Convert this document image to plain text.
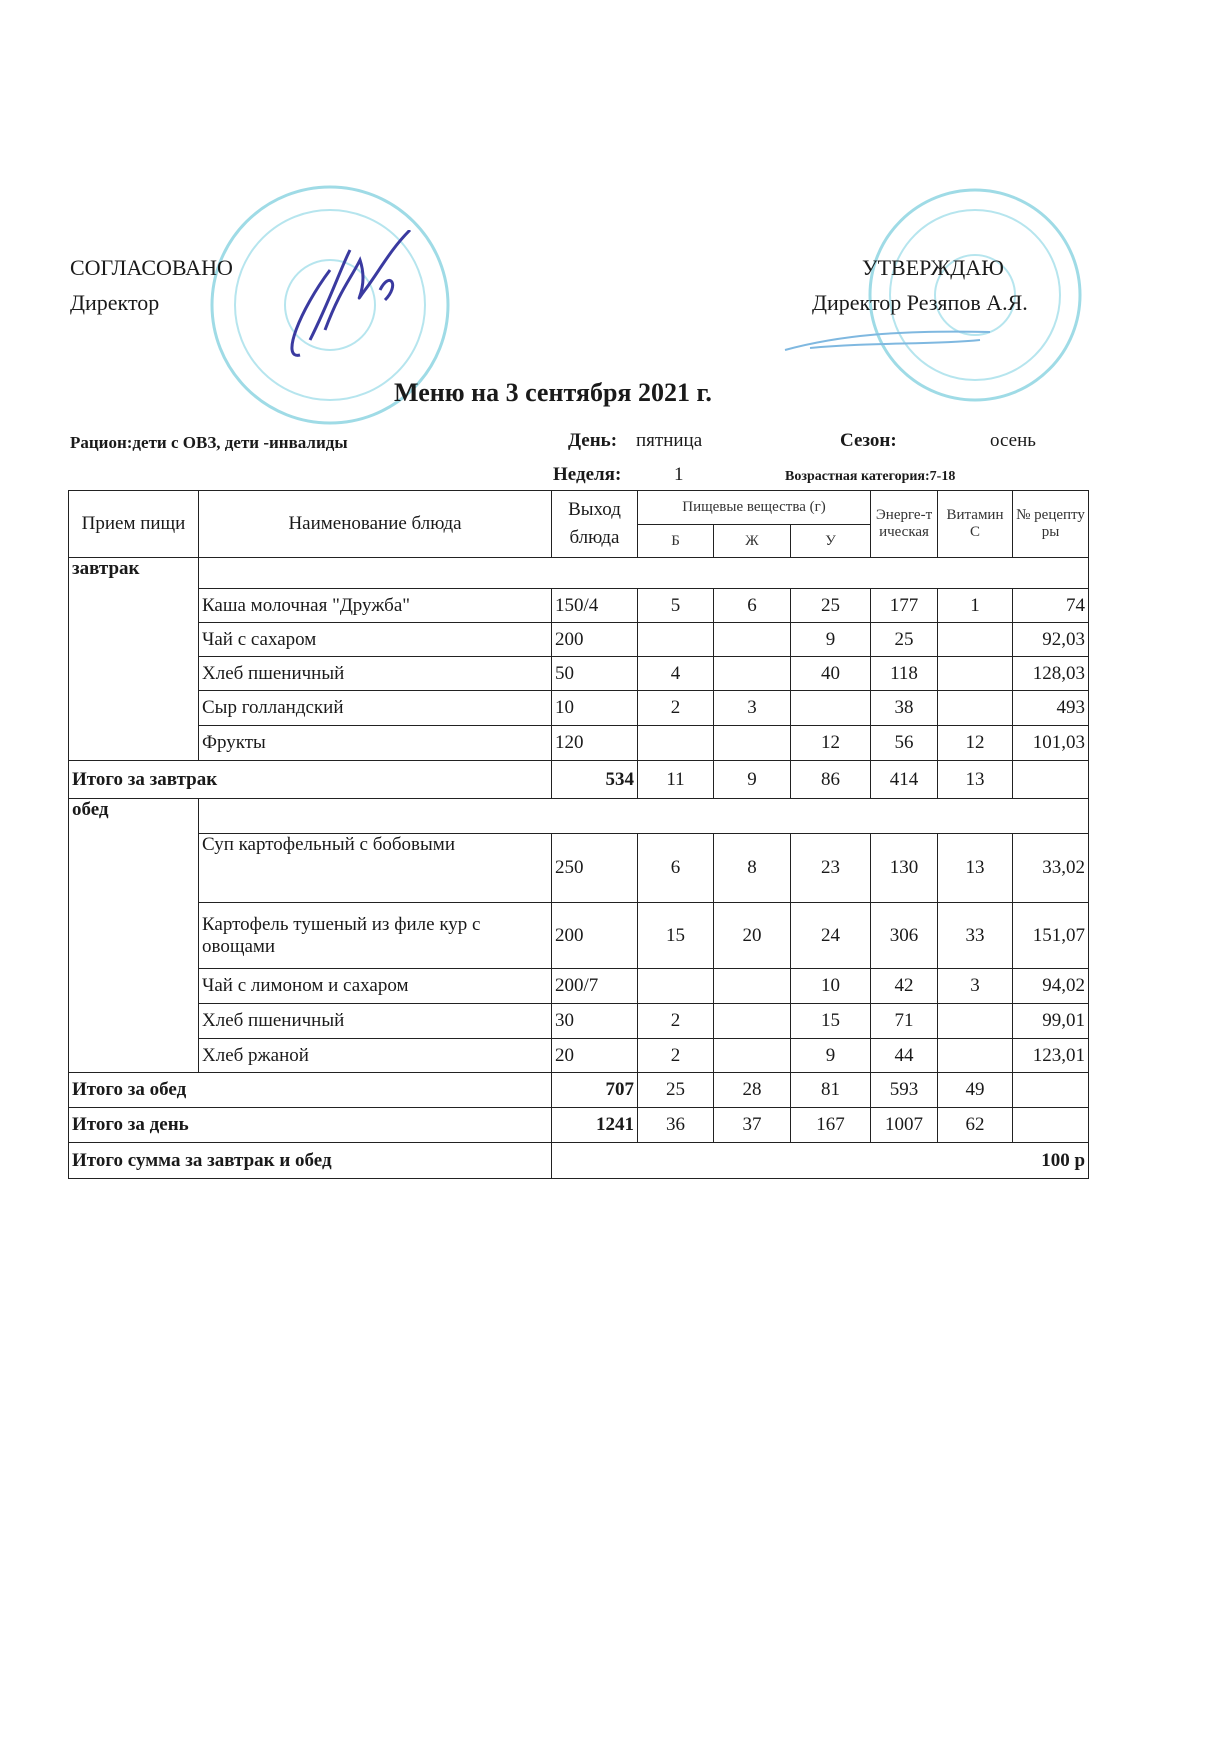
СОГЛАСОВАНО
Директор
УТВЕРЖДАЮ
Директор Резяпов А.Я.
Меню на 3 сентября 2021 г.
Рацион:дети с ОВЗ, дети -инвалиды	День: пятница	Сезон:	осень
Неделя:	1	Возрастная категория:7-18
Прием пищи	Наименование блюда	Выход блюда	Пищевые вещества (г)			Энерге-тическая	Витамин С	№ рецептуры
			Б	Ж	У			
завтрак								
	Каша молочная "Дружба"	150/4	5	6	25	177	1	74
	Чай с сахаром	200			9	25		92,03
	Хлеб пшеничный	50	4		40	118		128,03
	Сыр голландский	10	2	3		38		493
	Фрукты	120			12	56	12	101,03
Итого за завтрак		534	11	9	86	414	13	
обед								
	Суп картофельный с бобовыми	250	6	8	23	130	13	33,02
	Картофель тушеный из филе кур с овощами	200	15	20	24	306	33	151,07
	Чай с лимоном и сахаром	200/7			10	42	3	94,02
	Хлеб пшеничный	30	2		15	71		99,01
	Хлеб ржаной	20	2		9	44		123,01
Итого за обед		707	25	28	81	593	49	
Итого за день		1241	36	37	167	1007	62	
Итого сумма за завтрак и обед		100 р						
